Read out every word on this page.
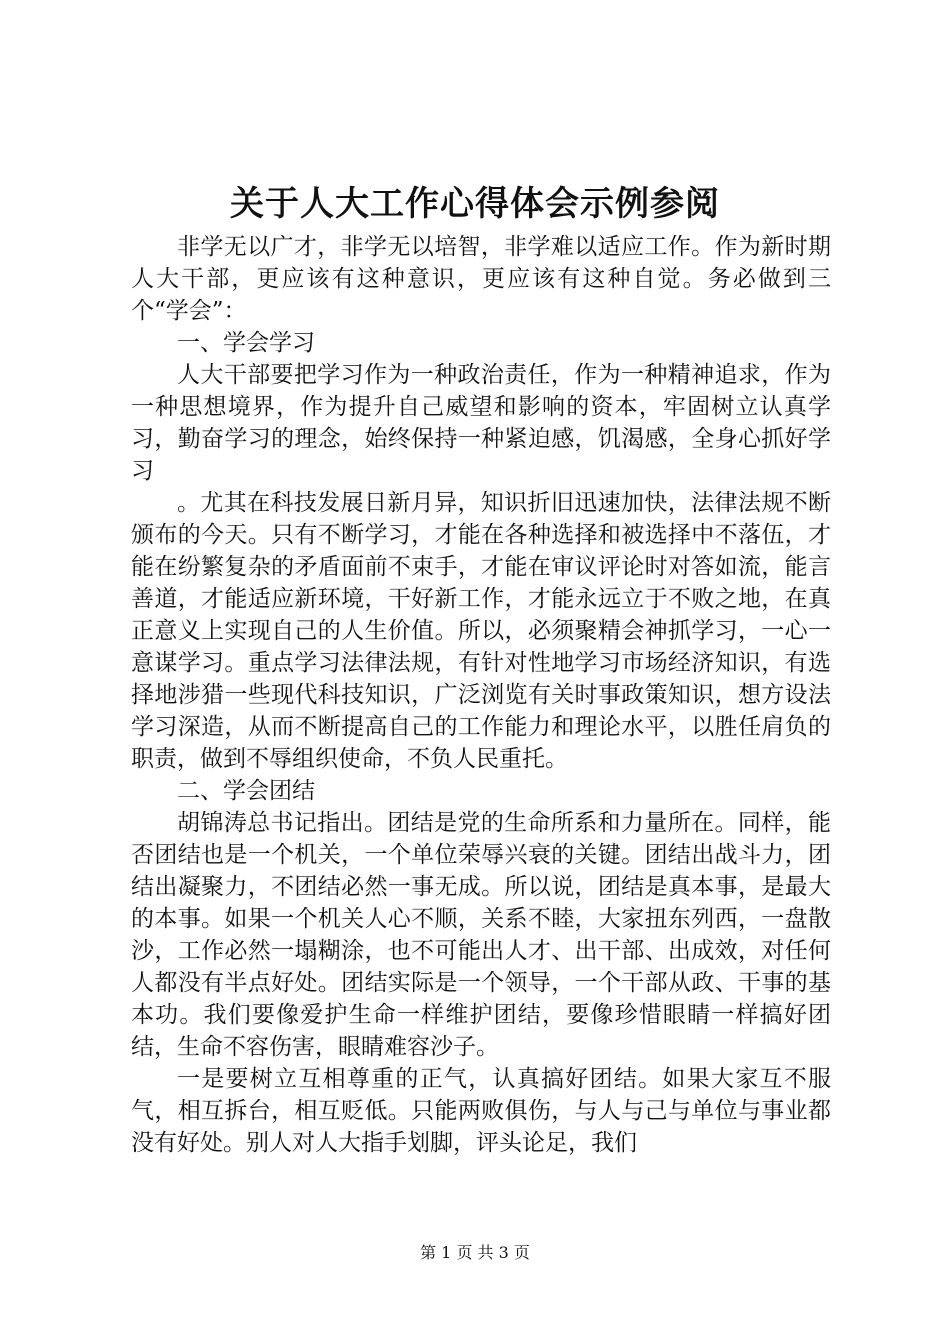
关于人大工作心得体会示例参阅

非学无以广才，非学无以培智，非学难以适应工作。作为新时期人大干部，更应该有这种意识，更应该有这种自觉。务必做到三个“学会”：

一、学会学习

人大干部要把学习作为一种政治责任，作为一种精神追求，作为一种思想境界，作为提升自己威望和影响的资本，牢固树立认真学习，勤奋学习的理念，始终保持一种紧迫感，饥渴感，全身心抓好学习

。尤其在科技发展日新月异，知识折旧迅速加快，法律法规不断颁布的今天。只有不断学习，才能在各种选择和被选择中不落伍，才能在纷繁复杂的矛盾面前不束手，才能在审议评论时对答如流，能言善道，才能适应新环境，干好新工作，才能永远立于不败之地，在真正意义上实现自己的人生价值。所以，必须聚精会神抓学习，一心一意谋学习。重点学习法律法规，有针对性地学习市场经济知识，有选择地涉猎一些现代科技知识，广泛浏览有关时事政策知识，想方设法学习深造，从而不断提高自己的工作能力和理论水平，以胜任肩负的职责，做到不辱组织使命，不负人民重托。

二、学会团结

胡锦涛总书记指出。团结是党的生命所系和力量所在。同样，能否团结也是一个机关，一个单位荣辱兴衰的关键。团结出战斗力，团结出凝聚力，不团结必然一事无成。所以说，团结是真本事，是最大的本事。如果一个机关人心不顺，关系不睦，大家扭东列西，一盘散沙，工作必然一塌糊涂，也不可能出人才、出干部、出成效，对任何人都没有半点好处。团结实际是一个领导，一个干部从政、干事的基本功。我们要像爱护生命一样维护团结，要像珍惜眼睛一样搞好团结，生命不容伤害，眼睛难容沙子。

一是要树立互相尊重的正气，认真搞好团结。如果大家互不服气，相互拆台，相互贬低。只能两败俱伤，与人与己与单位与事业都没有好处。别人对人大指手划脚，评头论足，我们

第 1 页 共 3 页
